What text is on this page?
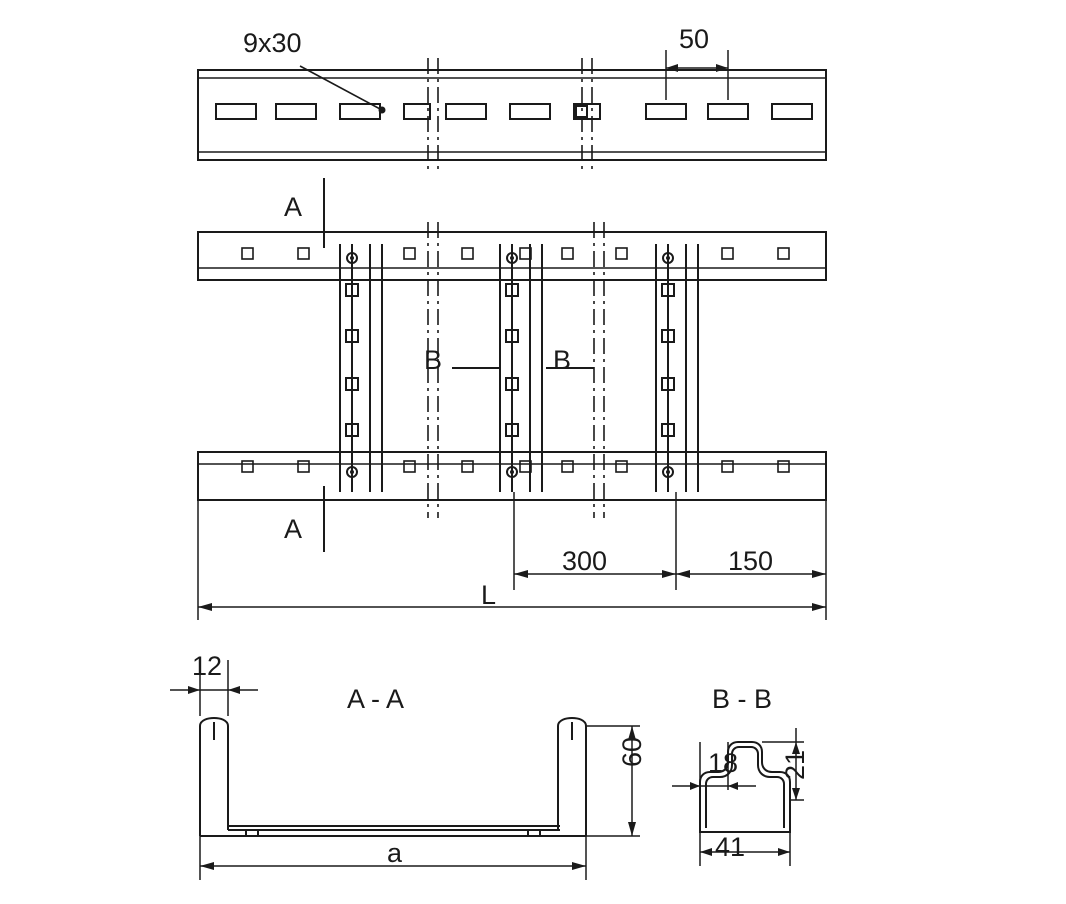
9x30	50
A
A
B	B
300	150
L
12
A - A
60
a
B - B
18 21
41
